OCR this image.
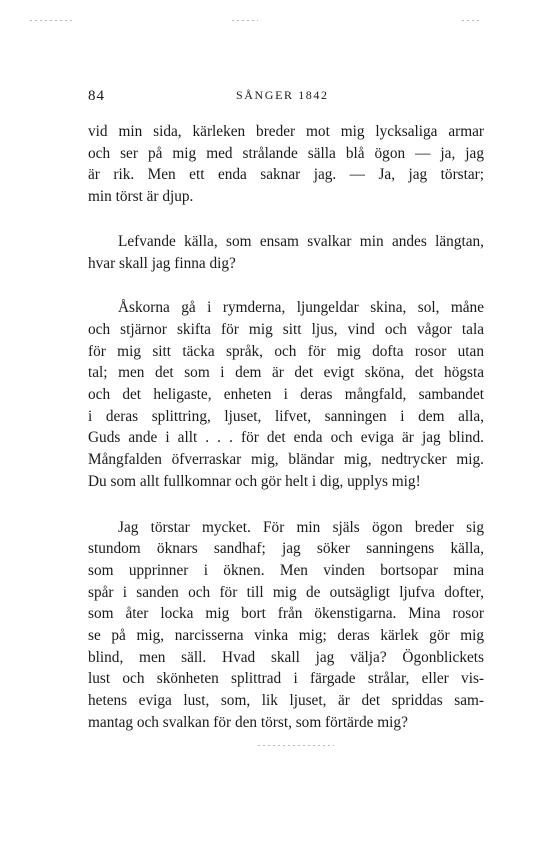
84	SÅNGER 1842

vid min sida, kärleken breder mot mig lycksaliga armar
och ser på mig med strålande sälla blå ögon — ja, jag
är rik. Men ett enda saknar jag. — Ja, jag törstar;
min törst är djup.

Lefvande källa, som ensam svalkar min andes längtan,
hvar skall jag finna dig?

Åskorna gå i rymderna, ljungeldar skina, sol, måne
och stjärnor skifta för mig sitt ljus, vind och vågor tala
för mig sitt täcka språk, och för mig dofta rosor utan
tal; men det som i dem är det evigt sköna, det högsta
och det heligaste, enheten i deras mångfald, sambandet
i deras splittring, ljuset, lifvet, sanningen i dem alla,
Guds ande i allt . . . för det enda och eviga är jag blind.
Mångfalden öfverraskar mig, bländar mig, nedtrycker mig.
Du som allt fullkomnar och gör helt i dig, upplys mig!

Jag törstar mycket. För min själs ögon breder sig
stundom öknars sandhaf; jag söker sanningens källa,
som upprinner i öknen. Men vinden bortsopar mina
spår i sanden och för till mig de outsägligt ljufva dofter,
som åter locka mig bort från ökenstigarna. Mina rosor
se på mig, narcisserna vinka mig; deras kärlek gör mig
blind, men säll. Hvad skall jag välja? Ögonblickets
lust och skönheten splittrad i färgade strålar, eller vis-
hetens eviga lust, som, lik ljuset, är det spriddas sam-
mantag och svalkan för den törst, som förtärde mig?
